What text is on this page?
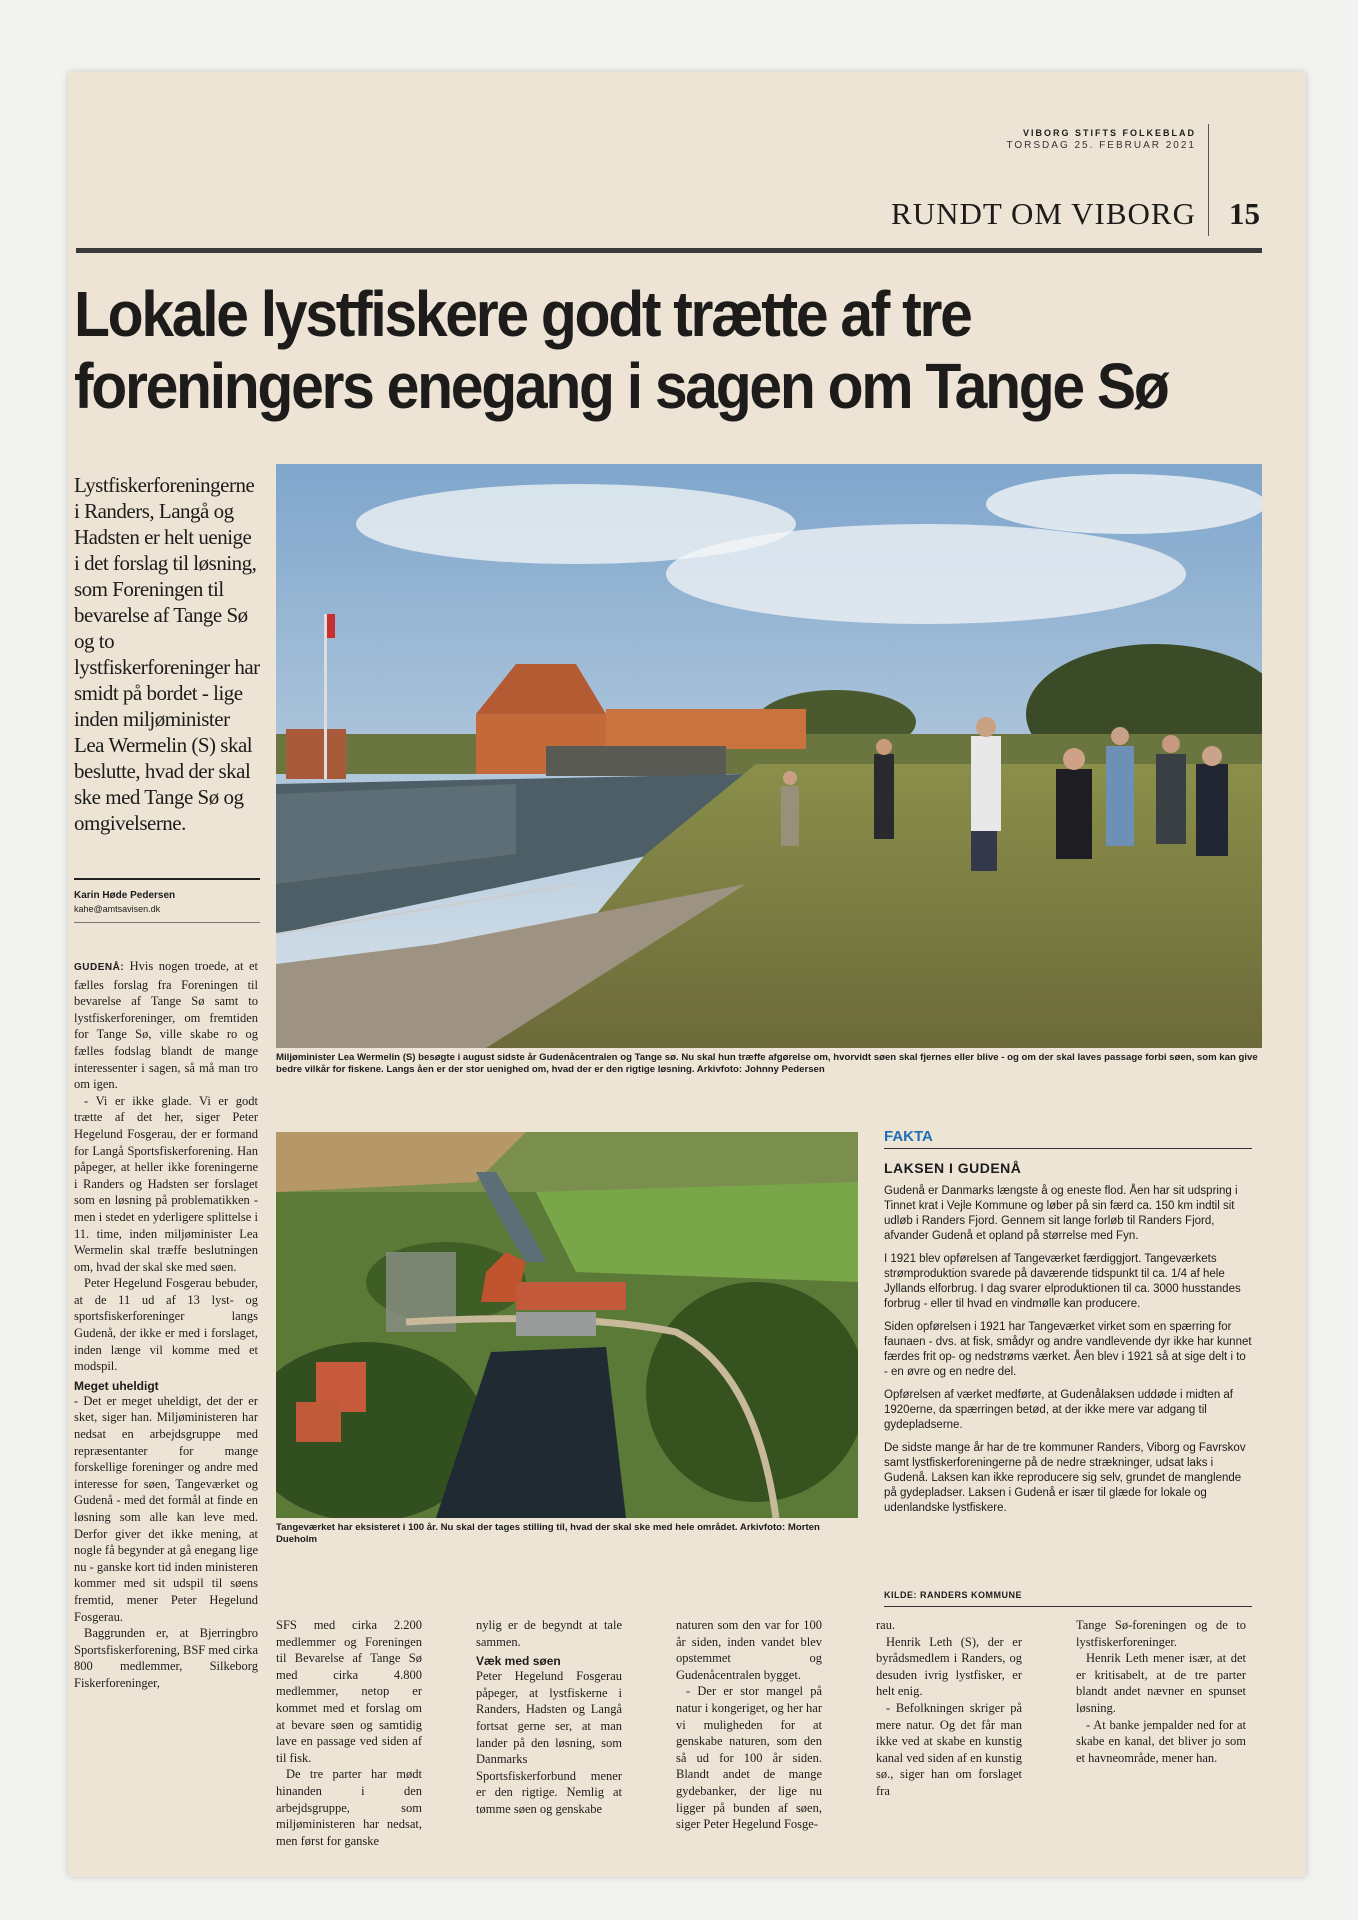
VIBORG STIFTS FOLKEBLAD
TORSDAG 25. FEBRUAR 2021
RUNDT OM VIBORG 15
Lokale lystfiskere godt trætte af tre
foreningers enegang i sagen om Tange Sø
Lystfiskerforeningerne i Randers, Langå og Hadsten er helt uenige i det forslag til løsning, som Foreningen til bevarelse af Tange Sø og to lystfiskerforeninger har smidt på bordet - lige inden miljøminister Lea Wermelin (S) skal beslutte, hvad der skal ske med Tange Sø og omgivelserne.
Karin Høde Pedersen
kahe@amtsavisen.dk

GUDENÅ: Hvis nogen troede, at et fælles forslag fra Foreningen til bevarelse af Tange Sø samt to lystfiskerforeninger, om fremtiden for Tange Sø, ville skabe ro og fælles fodslag blandt de mange interessenter i sagen, så må man tro om igen.

- Vi er ikke glade. Vi er godt trætte af det her, siger Peter Hegelund Fosgerau, der er formand for Langå Sportsfiskerforening. Han påpeger, at heller ikke foreningerne i Randers og Hadsten ser forslaget som en løsning på problematikken - men i stedet en yderligere splittelse i 11. time, inden miljøminister Lea Wermelin skal træffe beslutningen om, hvad der skal ske med søen.

Peter Hegelund Fosgerau bebuder, at de 11 ud af 13 lyst- og sportsfiskerforeninger langs Gudenå, der ikke er med i forslaget, inden længe vil komme med et modspil.

Meget uheldigt

- Det er meget uheldigt, det der er sket, siger han. Miljøministeren har nedsat en arbejdsgruppe med repræsentanter for mange forskellige foreninger og andre med interesse for søen, Tangeværket og Gudenå - med det formål at finde en løsning som alle kan leve med. Derfor giver det ikke mening, at nogle få begynder at gå enegang lige nu - ganske kort tid inden ministeren kommer med sit udspil til søens fremtid, mener Peter Hegelund Fosgerau.

Baggrunden er, at Bjerringbro Sportsfiskerforening, BSF med cirka 800 medlemmer, Silkeborg Fiskerforeninger,

Miljøminister Lea Wermelin (S) besøgte i august sidste år Gudenåcentralen og Tange sø. Nu skal hun træffe afgørelse om, hvorvidt søen skal fjernes eller blive - og om der skal laves passage forbi søen, som kan give bedre vilkår for fiskene. Langs åen er der stor uenighed om, hvad der er den rigtige løsning. Arkivfoto: Johnny Pedersen
Tangeværket har eksisteret i 100 år. Nu skal der tages stilling til, hvad der skal ske med hele området. Arkivfoto: Morten Dueholm
FAKTA
LAKSEN I GUDENÅ

Gudenå er Danmarks længste å og eneste flod. Åen har sit udspring i Tinnet krat i Vejle Kommune og løber på sin færd ca. 150 km indtil sit udløb i Randers Fjord. Gennem sit lange forløb til Randers Fjord, afvander Gudenå et opland på størrelse med Fyn.

I 1921 blev opførelsen af Tangeværket færdiggjort. Tangeværkets strømproduktion svarede på daværende tidspunkt til ca. 1/4 af hele Jyllands elforbrug. I dag svarer elproduktionen til ca. 3000 husstandes forbrug - eller til hvad en vindmølle kan producere.

Siden opførelsen i 1921 har Tangeværket virket som en spærring for faunaen - dvs. at fisk, smådyr og andre vandlevende dyr ikke har kunnet færdes frit op- og nedstrøms værket. Åen blev i 1921 så at sige delt i to - en øvre og en nedre del.

Opførelsen af værket medførte, at Gudenålaksen uddøde i midten af 1920erne, da spærringen betød, at der ikke mere var adgang til gydepladserne.

De sidste mange år har de tre kommuner Randers, Viborg og Favrskov samt lystfiskerforeningerne på de nedre strækninger, udsat laks i Gudenå. Laksen kan ikke reproducere sig selv, grundet de manglende på gydepladser. Laksen i Gudenå er især til glæde for lokale og udenlandske lystfiskere.

KILDE: RANDERS KOMMUNE

SFS med cirka 2.200 medlemmer og Foreningen til Bevarelse af Tange Sø med cirka 4.800 medlemmer, netop er kommet med et forslag om at bevare søen og samtidig lave en passage ved siden af til fisk.

De tre parter har mødt hinanden i den arbejdsgruppe, som miljøministeren har nedsat, men først for ganske

nylig er de begyndt at tale sammen.

Væk med søen

Peter Hegelund Fosgerau påpeger, at lystfiskerne i Randers, Hadsten og Langå fortsat gerne ser, at man lander på den løsning, som Danmarks Sportsfiskerforbund mener er den rigtige. Nemlig at tømme søen og genskabe

naturen som den var for 100 år siden, inden vandet blev opstemmet og Gudenåcentralen bygget.

- Der er stor mangel på natur i kongeriget, og her har vi muligheden for at genskabe naturen, som den så ud for 100 år siden. Blandt andet de mange gydebanker, der lige nu ligger på bunden af søen, siger Peter Hegelund Fosge-

rau.

Henrik Leth (S), der er byrådsmedlem i Randers, og desuden ivrig lystfisker, er helt enig.

- Befolkningen skriger på mere natur. Og det får man ikke ved at skabe en kunstig kanal ved siden af en kunstig sø., siger han om forslaget fra

Tange Sø-foreningen og de to lystfiskerforeninger.

Henrik Leth mener især, at det er kritisabelt, at de tre parter blandt andet nævner en spunset løsning.

- At banke jempalder ned for at skabe en kanal, det bliver jo som et havneområde, mener han.
